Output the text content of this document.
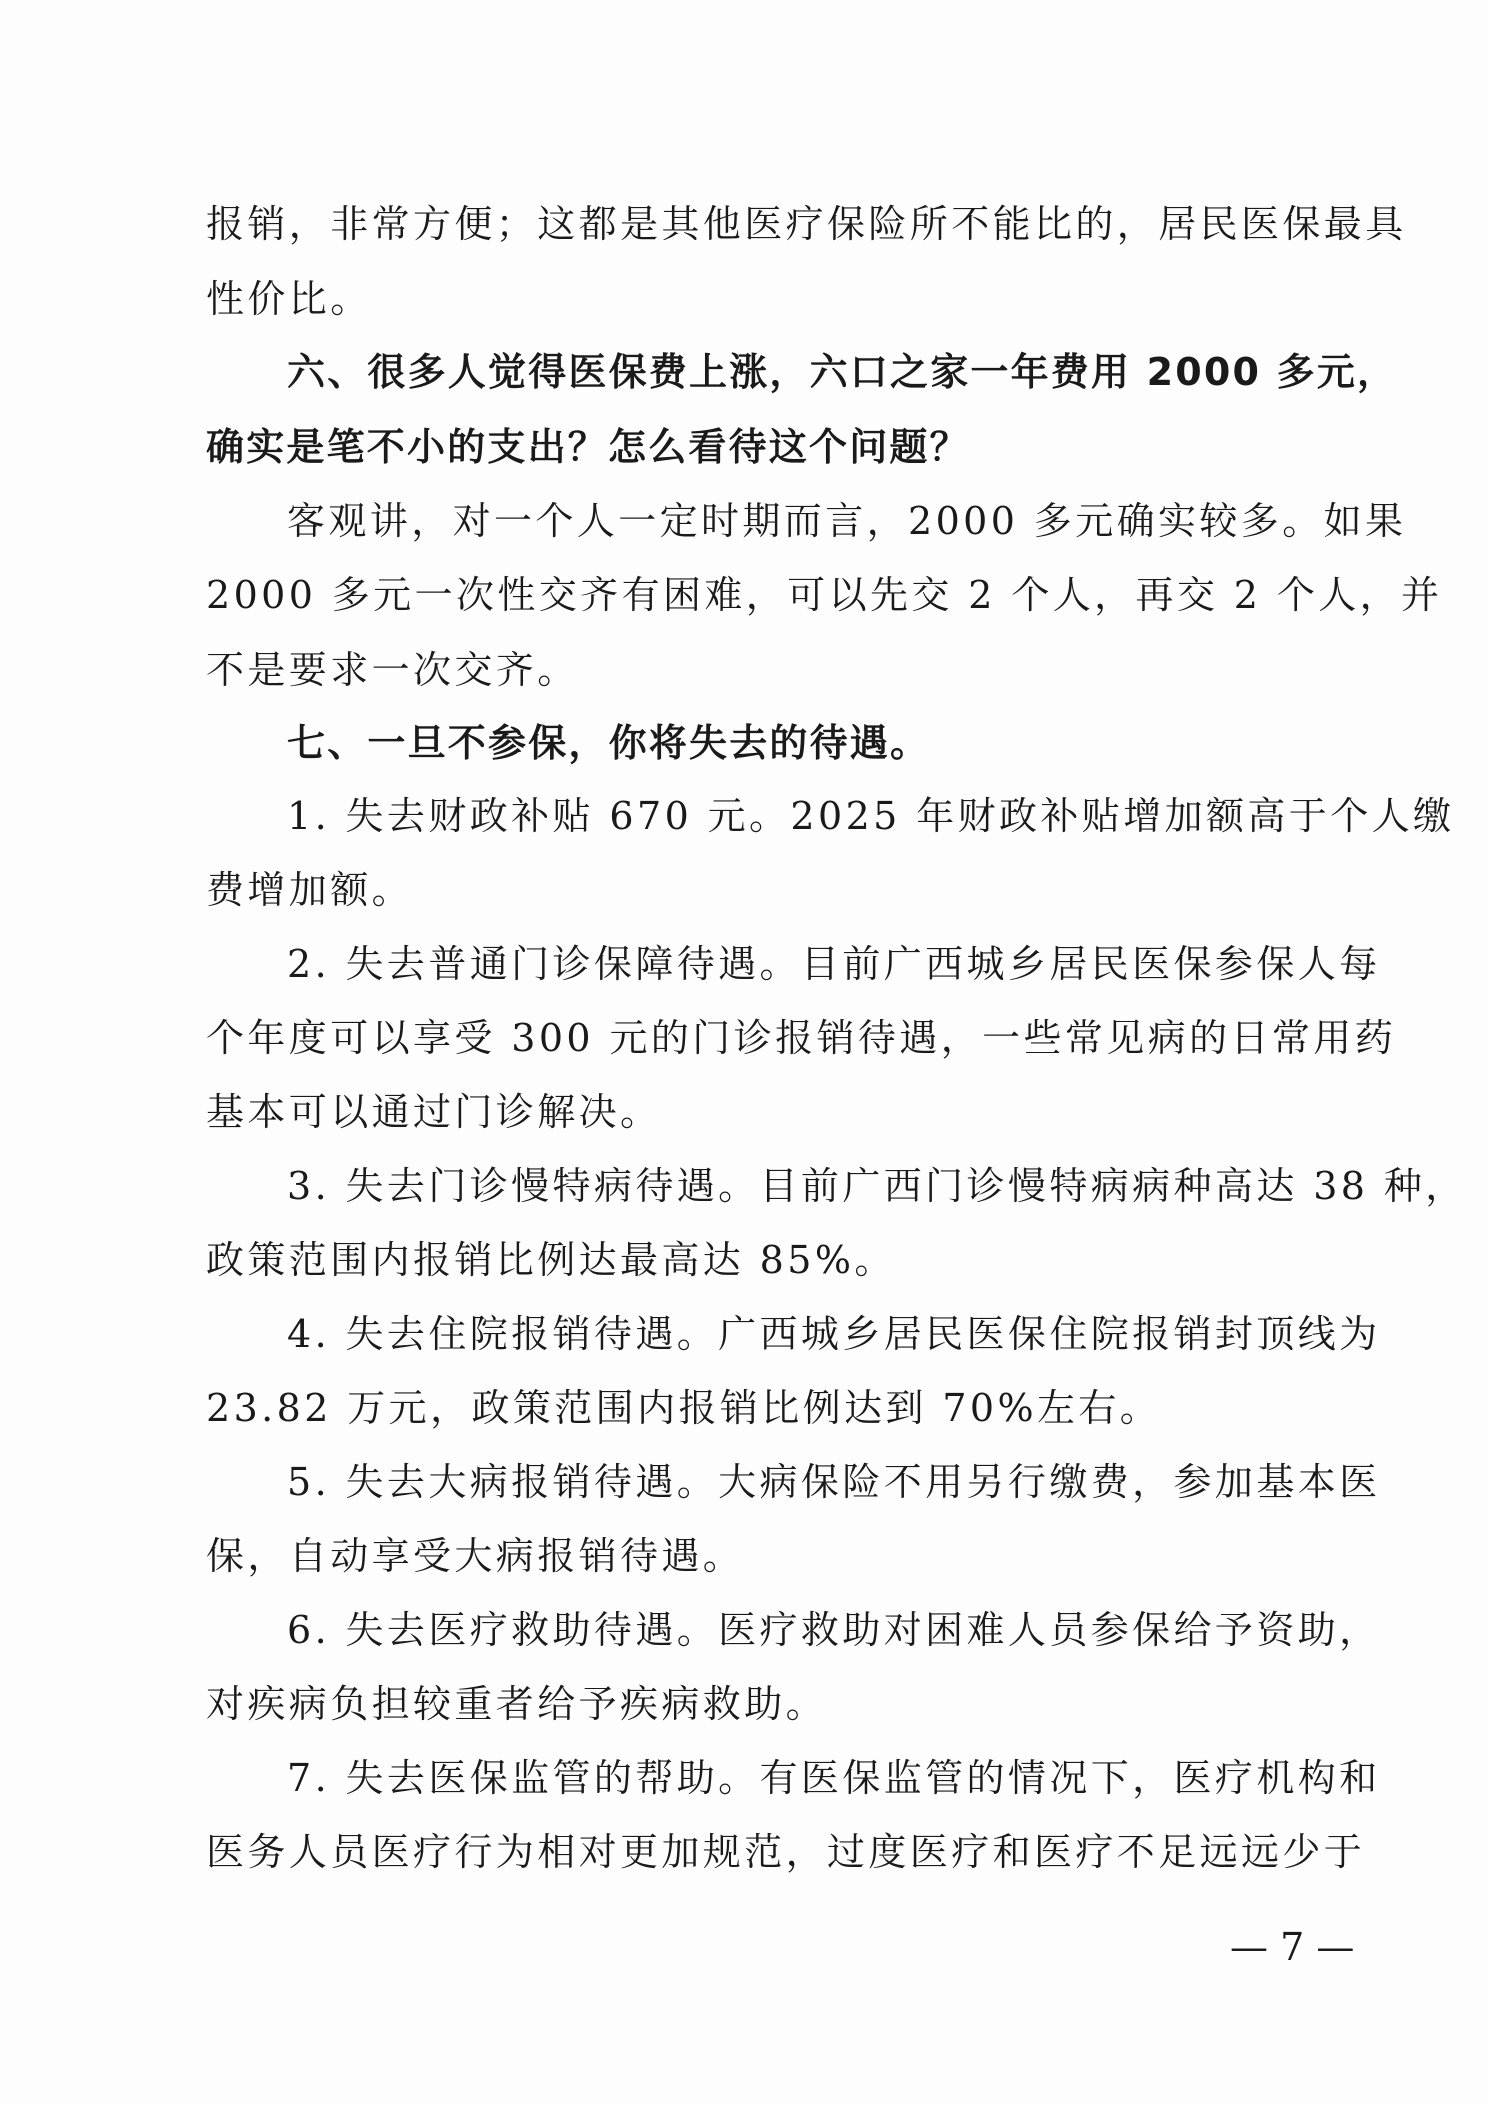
报销，非常方便；这都是其他医疗保险所不能比的，居民医保最具
性价比。
六、很多人觉得医保费上涨，六口之家一年费用 2000 多元，
确实是笔不小的支出？怎么看待这个问题？
客观讲，对一个人一定时期而言，2000 多元确实较多。如果
2000 多元一次性交齐有困难，可以先交 2 个人，再交 2 个人，并
不是要求一次交齐。
七、一旦不参保，你将失去的待遇。
1. 失去财政补贴 670 元。2025 年财政补贴增加额高于个人缴
费增加额。
2. 失去普通门诊保障待遇。目前广西城乡居民医保参保人每
个年度可以享受 300 元的门诊报销待遇，一些常见病的日常用药
基本可以通过门诊解决。
3. 失去门诊慢特病待遇。目前广西门诊慢特病病种高达 38 种，
政策范围内报销比例达最高达 85%。
4. 失去住院报销待遇。广西城乡居民医保住院报销封顶线为
23.82 万元，政策范围内报销比例达到 70%左右。
5. 失去大病报销待遇。大病保险不用另行缴费，参加基本医
保，自动享受大病报销待遇。
6. 失去医疗救助待遇。医疗救助对困难人员参保给予资助，
对疾病负担较重者给予疾病救助。
7. 失去医保监管的帮助。有医保监管的情况下，医疗机构和
医务人员医疗行为相对更加规范，过度医疗和医疗不足远远少于
— 7 —
